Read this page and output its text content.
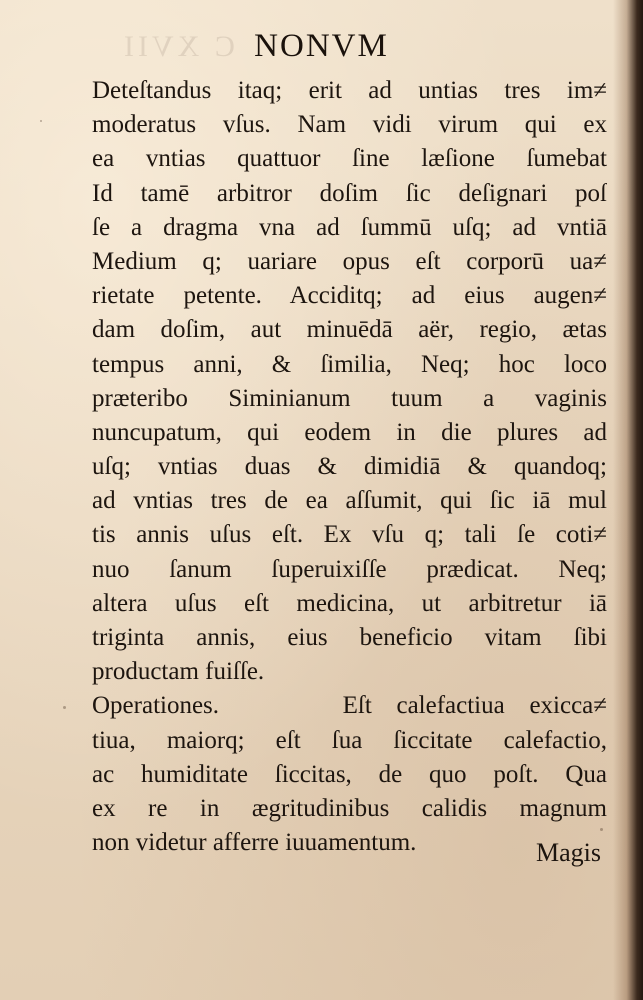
C XVII NONVM
Deteſtandus itaq; erit ad untias tres im≠
moderatus vſus. Nam vidi virum qui ex
ea vntias quattuor ſine læſione ſumebat
Id tamē arbitror doſim ſic deſignari poſ
ſe a dragma vna ad ſummū uſq; ad vntiā
Medium q; uariare opus eſt corporū ua≠
rietate petente. Acciditq; ad eius augen≠
dam doſim, aut minuēdā aër, regio, ætas
tempus anni, & ſimilia, Neq; hoc loco
præteribo Siminianum tuum a vaginis
nuncupatum, qui eodem in die plures ad
uſq; vntias duas & dimidiā & quandoq;
ad vntias tres de ea aſſumit, qui ſic iā mul
tis annis uſus eſt. Ex vſu q; tali ſe coti≠
nuo ſanum ſuperuixiſſe prædicat. Neq;
altera uſus eſt medicina, ut arbitretur iā
triginta annis, eius beneficio vitam ſibi
productam fuiſſe.
Operationes.     Eſt calefactiua exicca≠
tiua, maiorq; eſt ſua ſiccitate calefactio,
ac humiditate ſiccitas, de quo poſt. Qua
ex re in ægritudinibus calidis magnum
non videtur afferre iuuamentum.	Magis
